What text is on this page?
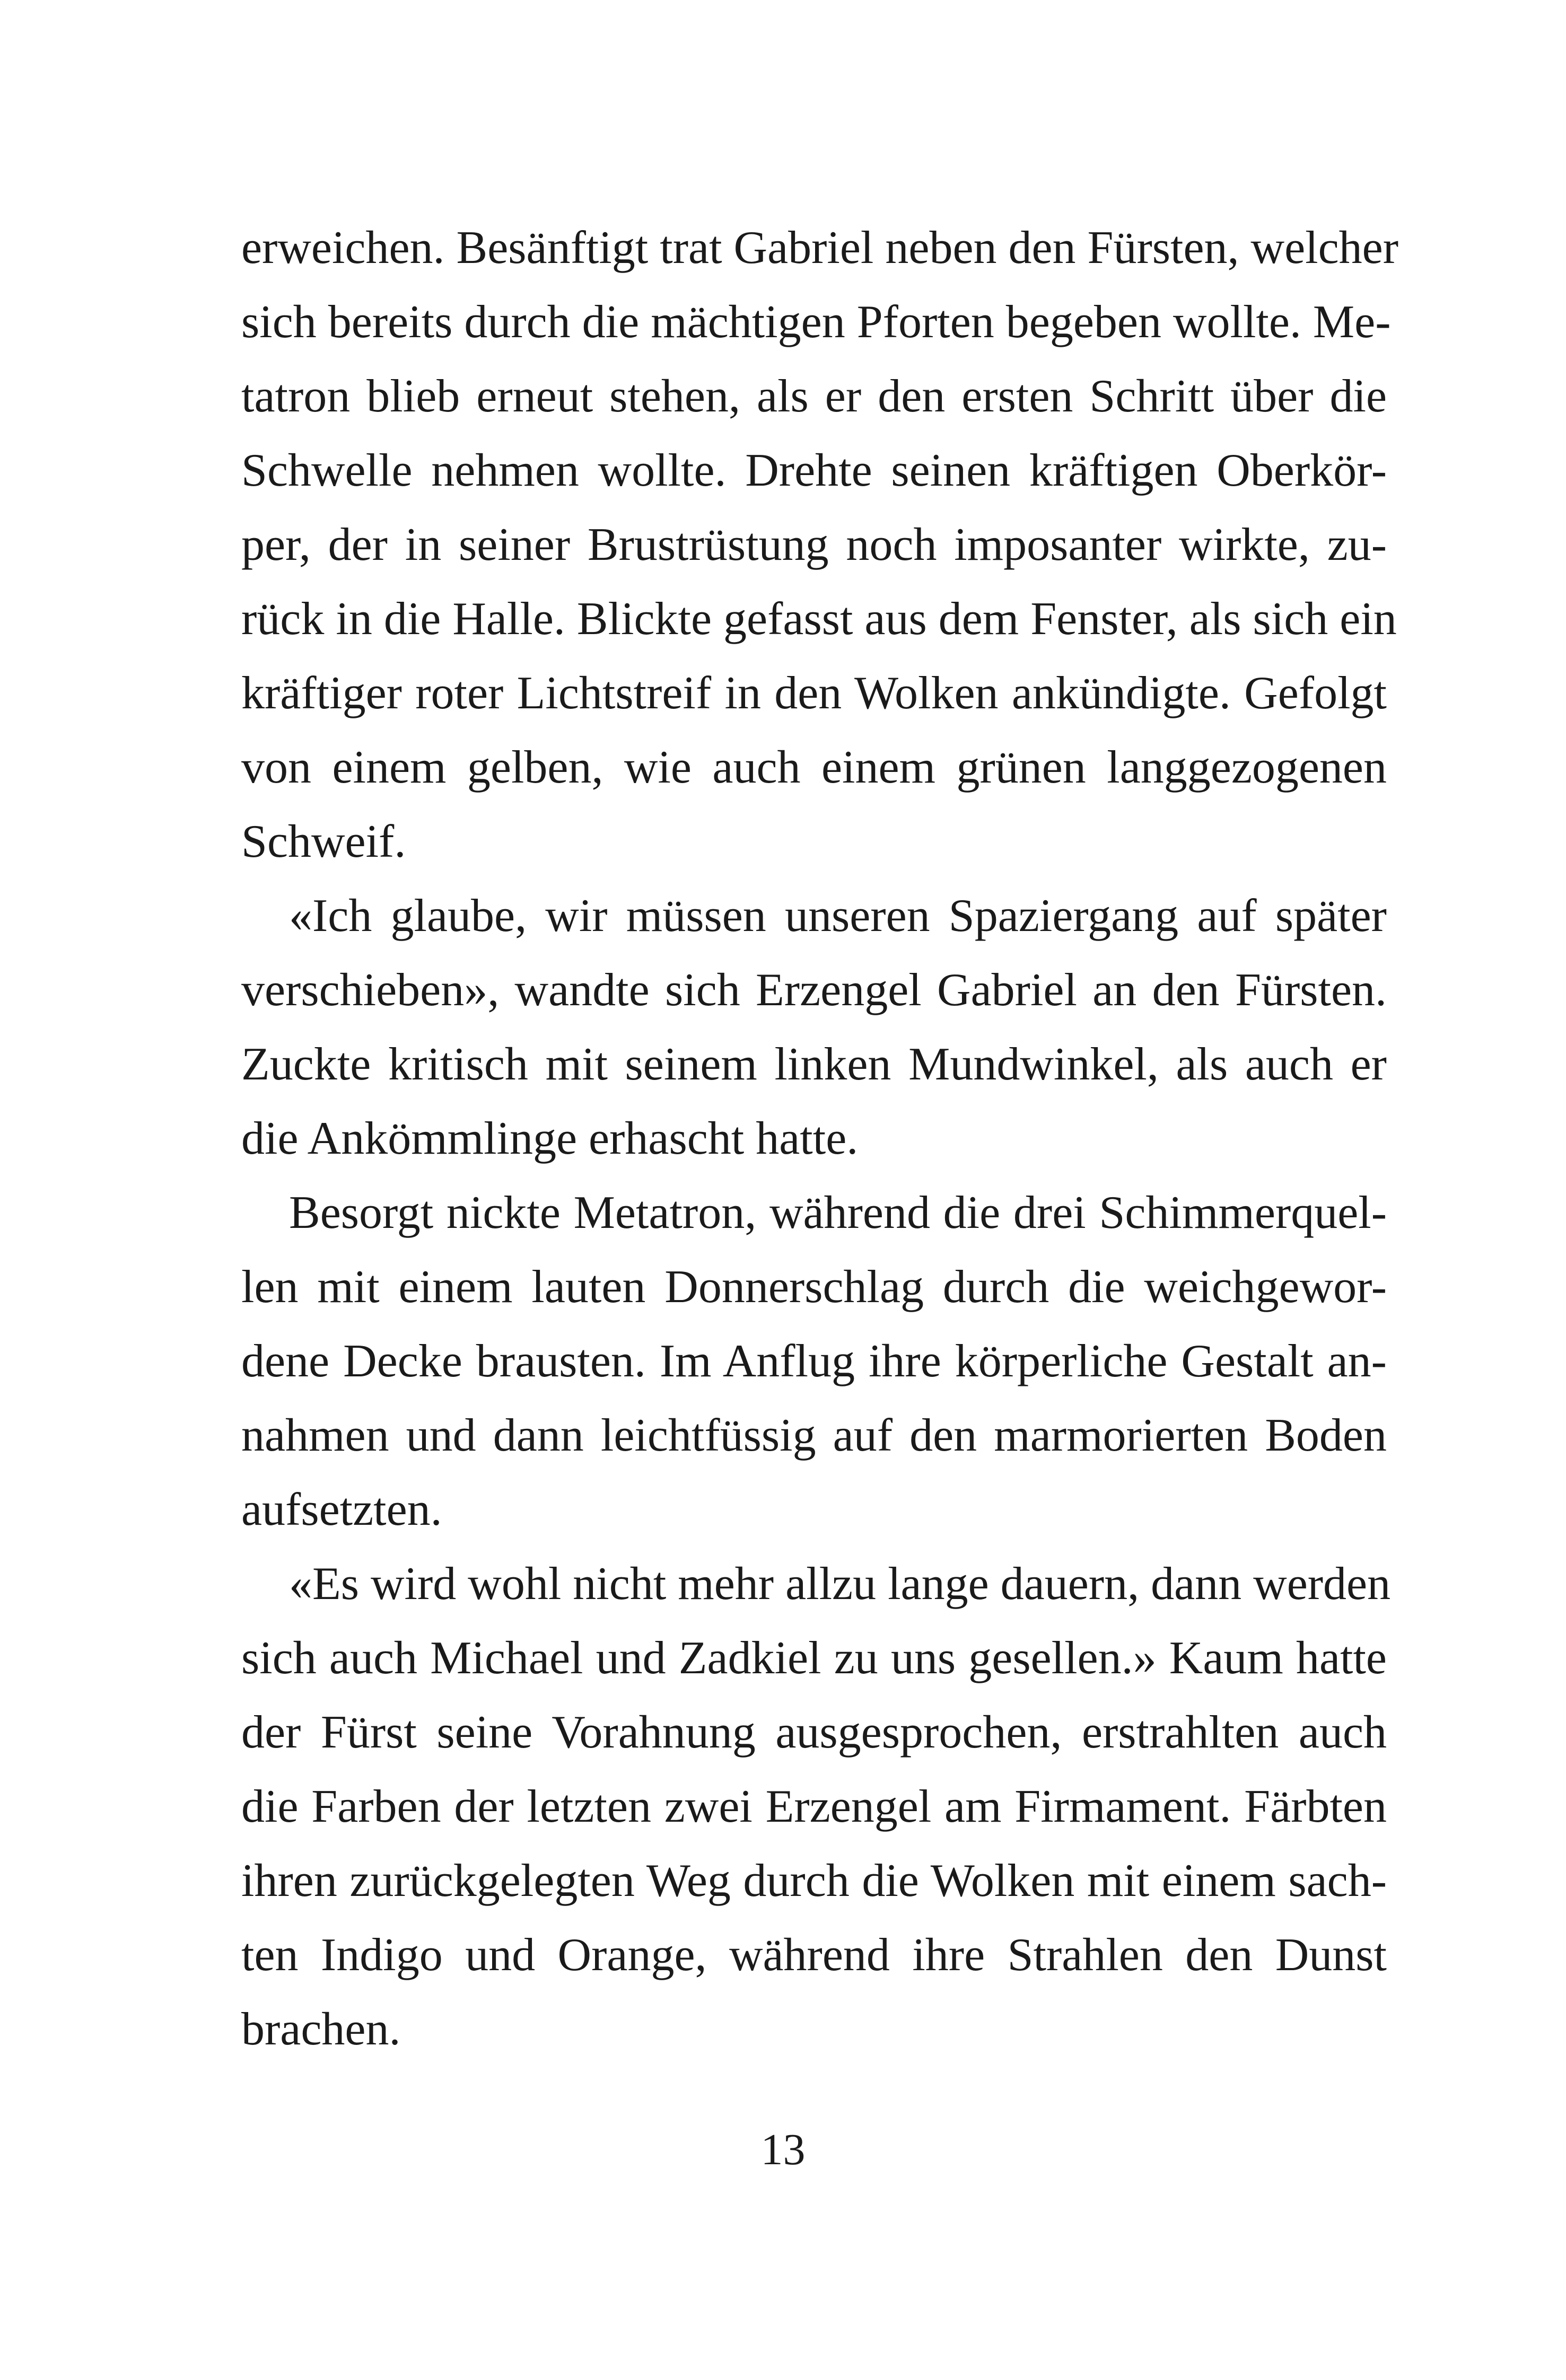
erweichen. Besänftigt trat Gabriel neben den Fürsten, welcher
sich bereits durch die mächtigen Pforten begeben wollte. Me-
tatron blieb erneut stehen, als er den ersten Schritt über die
Schwelle nehmen wollte. Drehte seinen kräftigen Oberkör-
per, der in seiner Brustrüstung noch imposanter wirkte, zu-
rück in die Halle. Blickte gefasst aus dem Fenster, als sich ein
kräftiger roter Lichtstreif in den Wolken ankündigte. Gefolgt
von einem gelben, wie auch einem grünen langgezogenen
Schweif.
«Ich glaube, wir müssen unseren Spaziergang auf später
verschieben», wandte sich Erzengel Gabriel an den Fürsten.
Zuckte kritisch mit seinem linken Mundwinkel, als auch er
die Ankömmlinge erhascht hatte.
Besorgt nickte Metatron, während die drei Schimmerquel-
len mit einem lauten Donnerschlag durch die weichgewor-
dene Decke brausten. Im Anflug ihre körperliche Gestalt an-
nahmen und dann leichtfüssig auf den marmorierten Boden
aufsetzten.
«Es wird wohl nicht mehr allzu lange dauern, dann werden
sich auch Michael und Zadkiel zu uns gesellen.» Kaum hatte
der Fürst seine Vorahnung ausgesprochen, erstrahlten auch
die Farben der letzten zwei Erzengel am Firmament. Färbten
ihren zurückgelegten Weg durch die Wolken mit einem sach-
ten Indigo und Orange, während ihre Strahlen den Dunst
brachen.
13
